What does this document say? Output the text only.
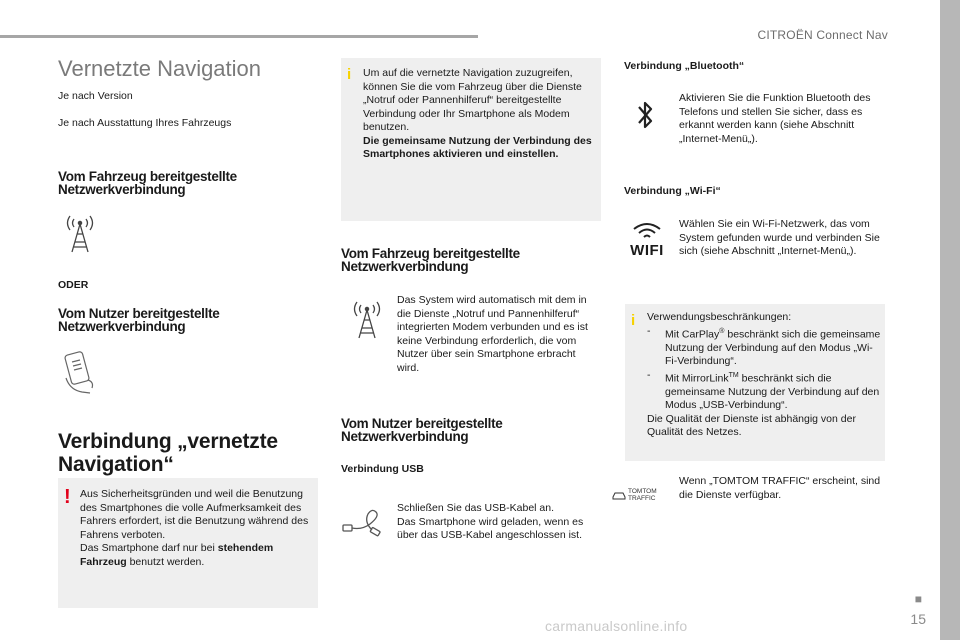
CITROËN Connect Nav
■
15
Vernetzte Navigation
Je nach Version
Je nach Ausstattung Ihres Fahrzeugs
Vom Fahrzeug bereitgestellte Netzwerkverbindung
ODER
Vom Nutzer bereitgestellte Netzwerkverbindung
Verbindung „vernetzte Navigation“
! Aus Sicherheitsgründen und weil die Benutzung des Smartphones die volle Aufmerksamkeit des Fahrers erfordert, ist die Benutzung während des Fahrens verboten.
Das Smartphone darf nur bei stehendem Fahrzeug benutzt werden.
i Um auf die vernetzte Navigation zuzugreifen, können Sie die vom Fahrzeug über die Dienste „Notruf oder Pannenhilferuf“ bereitgestellte Verbindung oder Ihr Smartphone als Modem benutzen.
Die gemeinsame Nutzung der Verbindung des Smartphones aktivieren und einstellen.
Vom Fahrzeug bereitgestellte Netzwerkverbindung
Das System wird automatisch mit dem in die Dienste „Notruf und Pannenhilferuf“ integrierten Modem verbunden und es ist keine Verbindung erforderlich, die vom Nutzer über sein Smartphone erbracht wird.
Vom Nutzer bereitgestellte Netzwerkverbindung
Verbindung USB
Schließen Sie das USB-Kabel an.
Das Smartphone wird geladen, wenn es über das USB-Kabel angeschlossen ist.
Verbindung „Bluetooth“
Aktivieren Sie die Funktion Bluetooth des Telefons und stellen Sie sicher, dass es erkannt werden kann (siehe Abschnitt „Internet-Menü„).
Verbindung „Wi-Fi“
WIFI
Wählen Sie ein Wi-Fi-Netzwerk, das vom System gefunden wurde und verbinden Sie sich (siehe Abschnitt „Internet-Menü„).
i Verwendungsbeschränkungen:
-	Mit CarPlay® beschränkt sich die gemeinsame Nutzung der Verbindung auf den Modus „Wi-Fi-Verbindung“.
-	Mit MirrorLink™ beschränkt sich die gemeinsame Nutzung der Verbindung auf den Modus „USB-Verbindung“.
Die Qualität der Dienste ist abhängig von der Qualität des Netzes.
TOMTOM
TRAFFIC
Wenn „TOMTOM TRAFFIC“ erscheint, sind die Dienste verfügbar.
carmanualsonline.info
